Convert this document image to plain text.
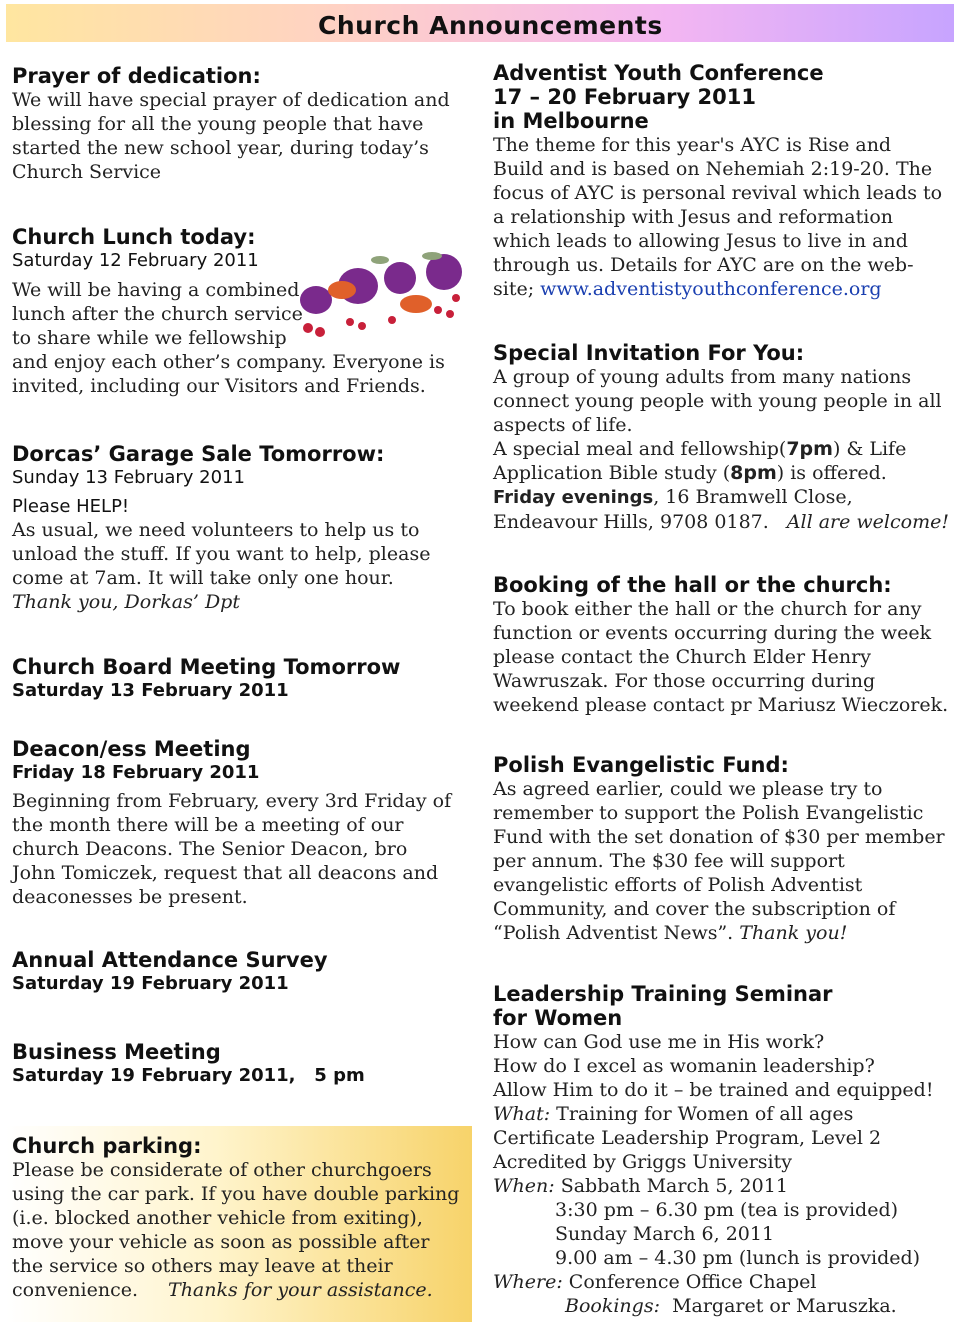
Church Announcements

Prayer of dedication:

We will have special prayer of dedication and

blessing for all the young people that have

started the new school year, during today’s

Church Service

Church Lunch today:

Saturday 12 February 2011

We will be having a combined

lunch after the church service

to share while we fellowship

and enjoy each other’s company. Everyone is

invited, including our Visitors and Friends.

Dorcas’ Garage Sale Tomorrow:

Sunday 13 February 2011

Please HELP!

As usual, we need volunteers to help us to

unload the stuff. If you want to help, please

come at 7am. It will take only one hour.

Thank you, Dorkas’ Dpt

Church Board Meeting Tomorrow

Saturday 13 February 2011

Deacon/ess Meeting

Friday 18 February 2011

Beginning from February, every 3rd Friday of

the month there will be a meeting of our

church Deacons. The Senior Deacon, bro

John Tomiczek, request that all deacons and

deaconesses be present.

Annual Attendance Survey

Saturday 19 February 2011

Business Meeting

Saturday 19 February 2011,   5 pm

Church parking:

Please be considerate of other churchgoers

using the car park. If you have double parking

(i.e. blocked another vehicle from exiting),

move your vehicle as soon as possible after

the service so others may leave at their

convenience. Thanks for your assistance.

Adventist Youth Conference

17 – 20 February 2011

in Melbourne

The theme for this year's AYC is Rise and

Build and is based on Nehemiah 2:19-20. The

focus of AYC is personal revival which leads to

a relationship with Jesus and reformation

which leads to allowing Jesus to live in and

through us. Details for AYC are on the web-

site; www.adventistyouthconference.org

Special Invitation For You:

A group of young adults from many nations

connect young people with young people in all

aspects of life.

A special meal and fellowship(7pm) & Life

Application Bible study (8pm) is offered.

Friday evenings, 16 Bramwell Close,

Endeavour Hills, 9708 0187. All are welcome!

Booking of the hall or the church:

To book either the hall or the church for any

function or events occurring during the week

please contact the Church Elder Henry

Wawruszak. For those occurring during

weekend please contact pr Mariusz Wieczorek.

Polish Evangelistic Fund:

As agreed earlier, could we please try to

remember to support the Polish Evangelistic

Fund with the set donation of $30 per member

per annum. The $30 fee will support

evangelistic efforts of Polish Adventist

Community, and cover the subscription of

“Polish Adventist News”. Thank you!

Leadership Training Seminar

for Women

How can God use me in His work?

How do I excel as womanin leadership?

Allow Him to do it – be trained and equipped!

What: Training for Women of all ages

Certificate Leadership Program, Level 2

Acredited by Griggs University

When: Sabbath March 5, 2011

3:30 pm – 6.30 pm (tea is provided)

Sunday March 6, 2011

9.00 am – 4.30 pm (lunch is provided)

Where: Conference Office Chapel

Bookings:  Margaret or Maruszka.
